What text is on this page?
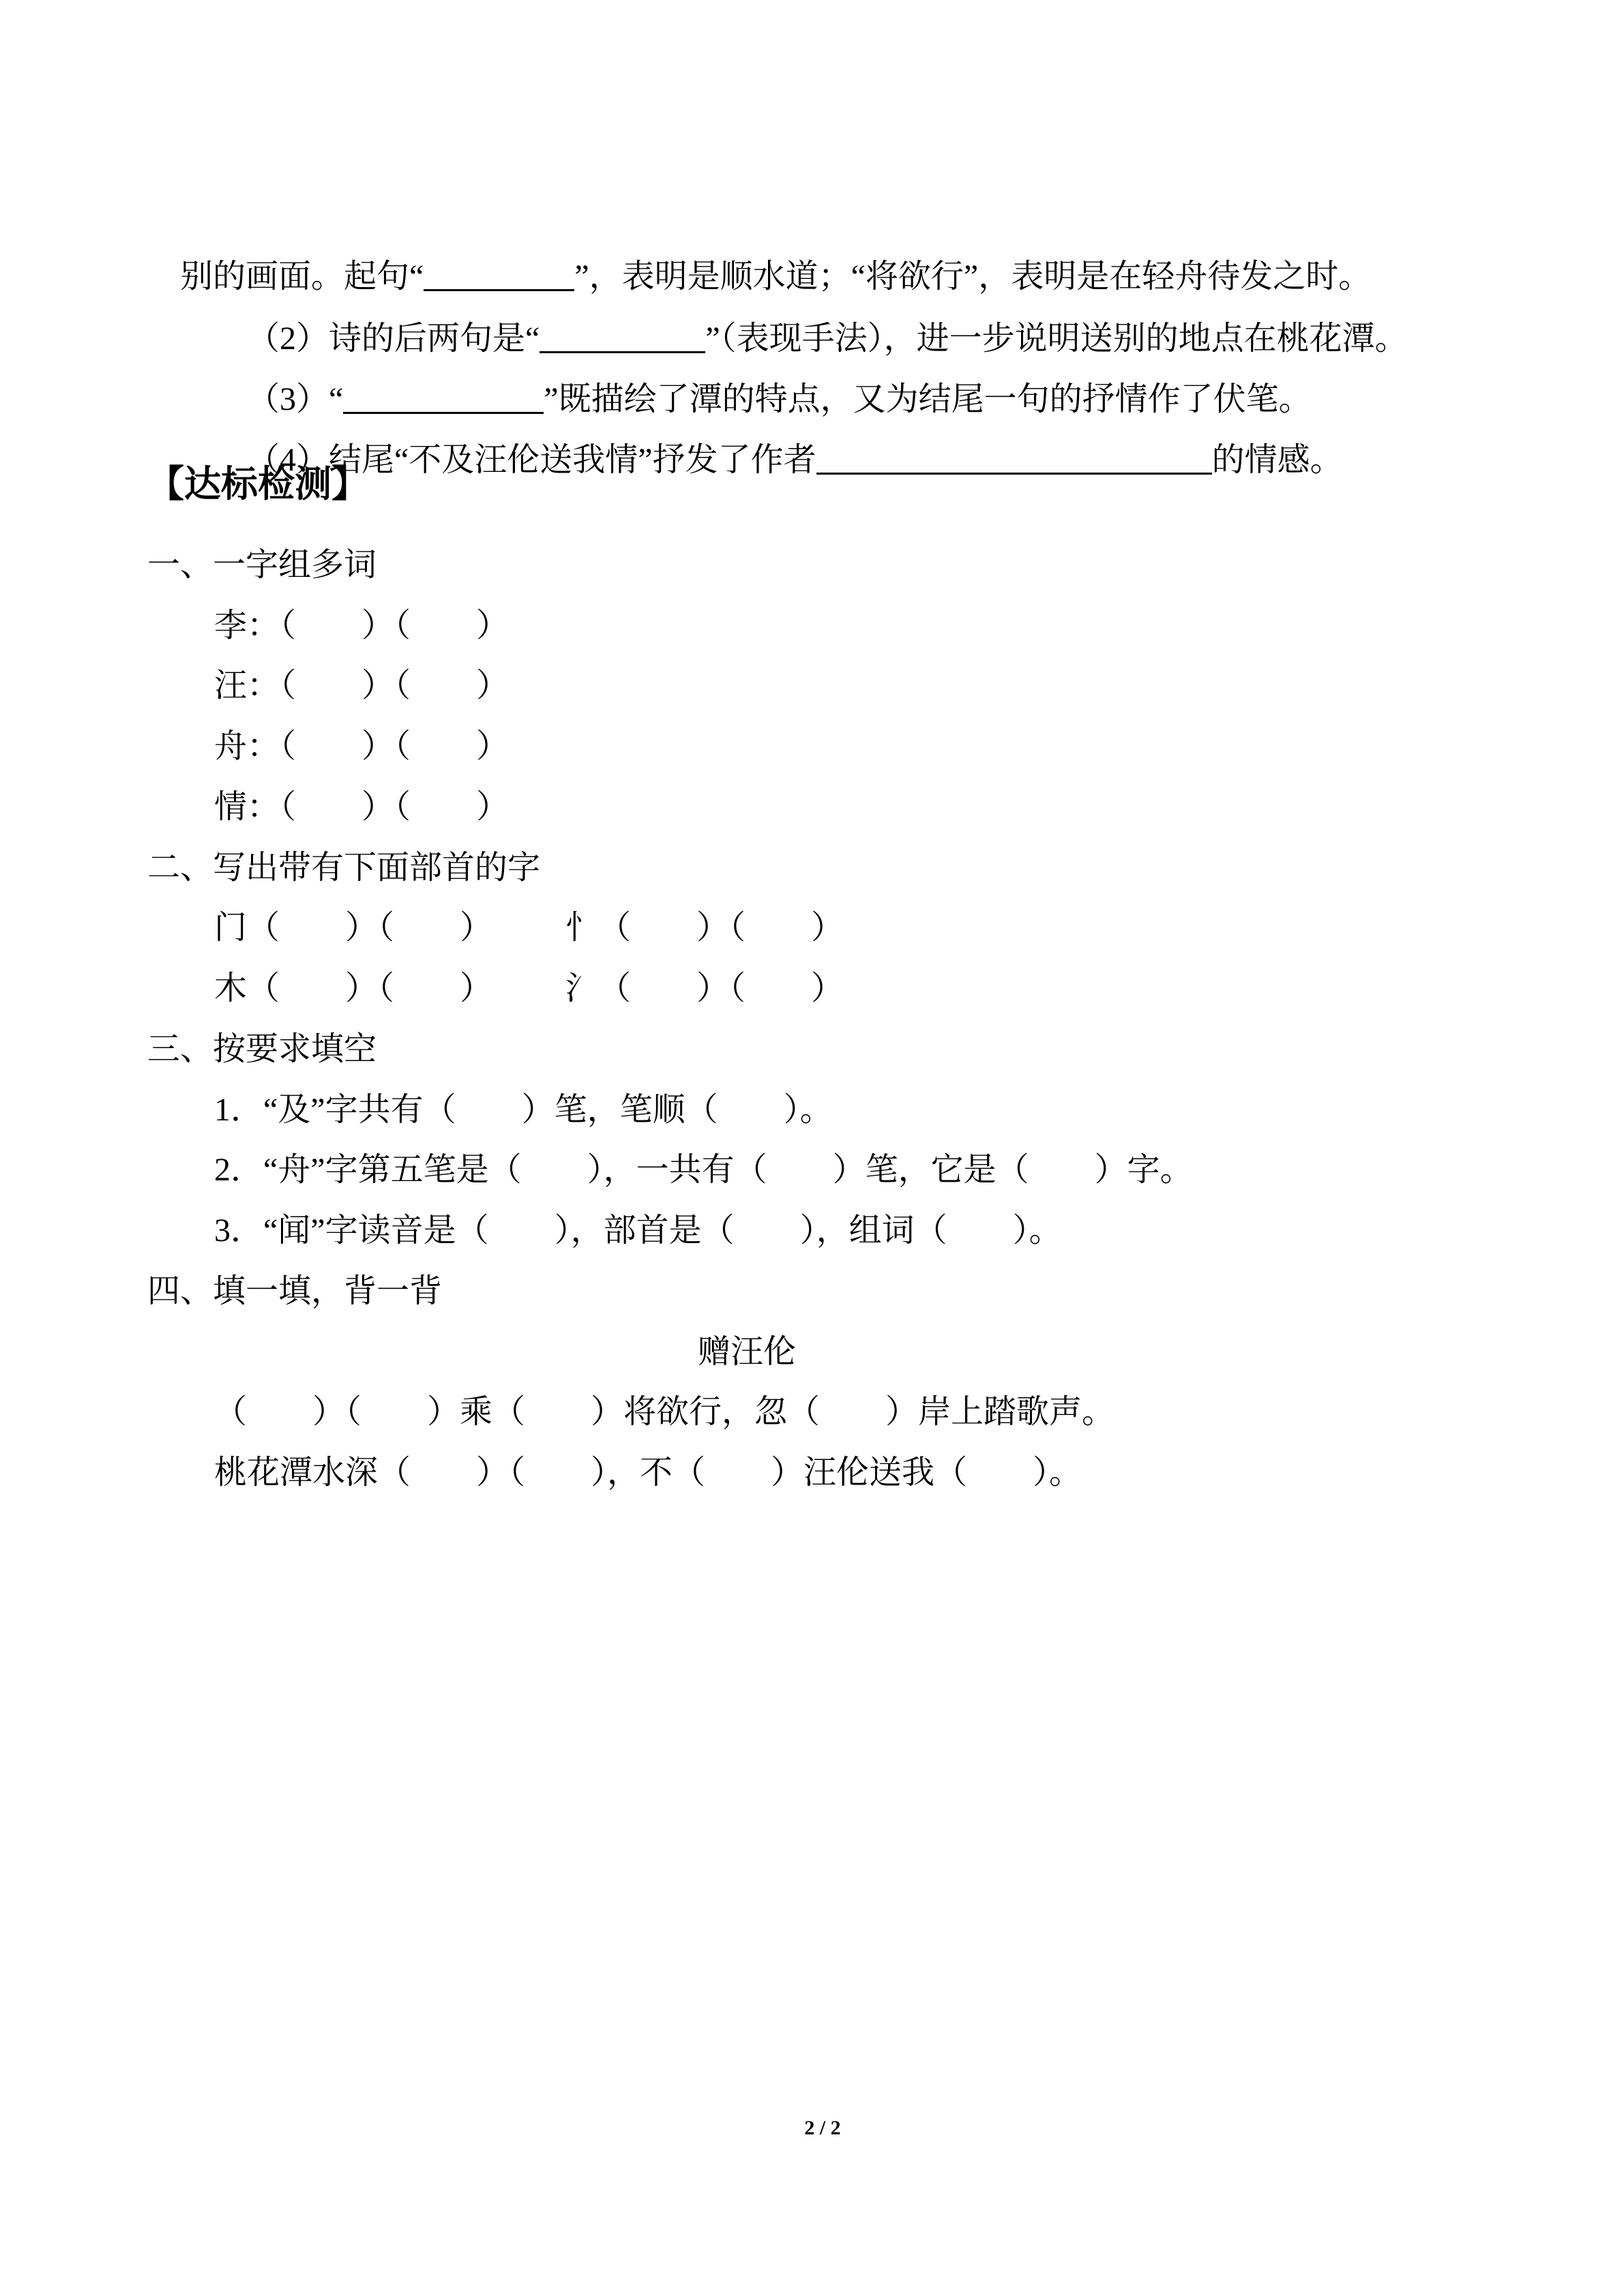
别的画面。起句“	”，表明是顺水道；“将欲行”，表明是在轻舟待发之时。

（2）诗的后两句是“	”（表现手法），进一步说明送别的地点在桃花潭。

（3）“	”既描绘了潭的特点，又为结尾一句的抒情作了伏笔。

（4）结尾“不及汪伦送我情”抒发了作者	的情感。

【达标检测】
一、一字组多词
李：（　　）（　　）
汪：（　　）（　　）
舟：（　　）（　　）
情：（　　）（　　）
二、写出带有下面部首的字
门（　　）（　　） 忄（　　）（　　）
木（　　）（　　） 氵（　　）（　　）
三、按要求填空
1．“及”字共有（　　）笔，笔顺（　　）。
2．“舟”字第五笔是（　　），一共有（　　）笔，它是（　　）字。
3．“闻”字读音是（　　），部首是（　　），组词（　　）。
四、填一填，背一背
赠汪伦
（　　）（　　）乘（　　）将欲行，忽（　　）岸上踏歌声。
桃花潭水深（　　）（　　），不（　　）汪伦送我（　　）。
2 / 2
